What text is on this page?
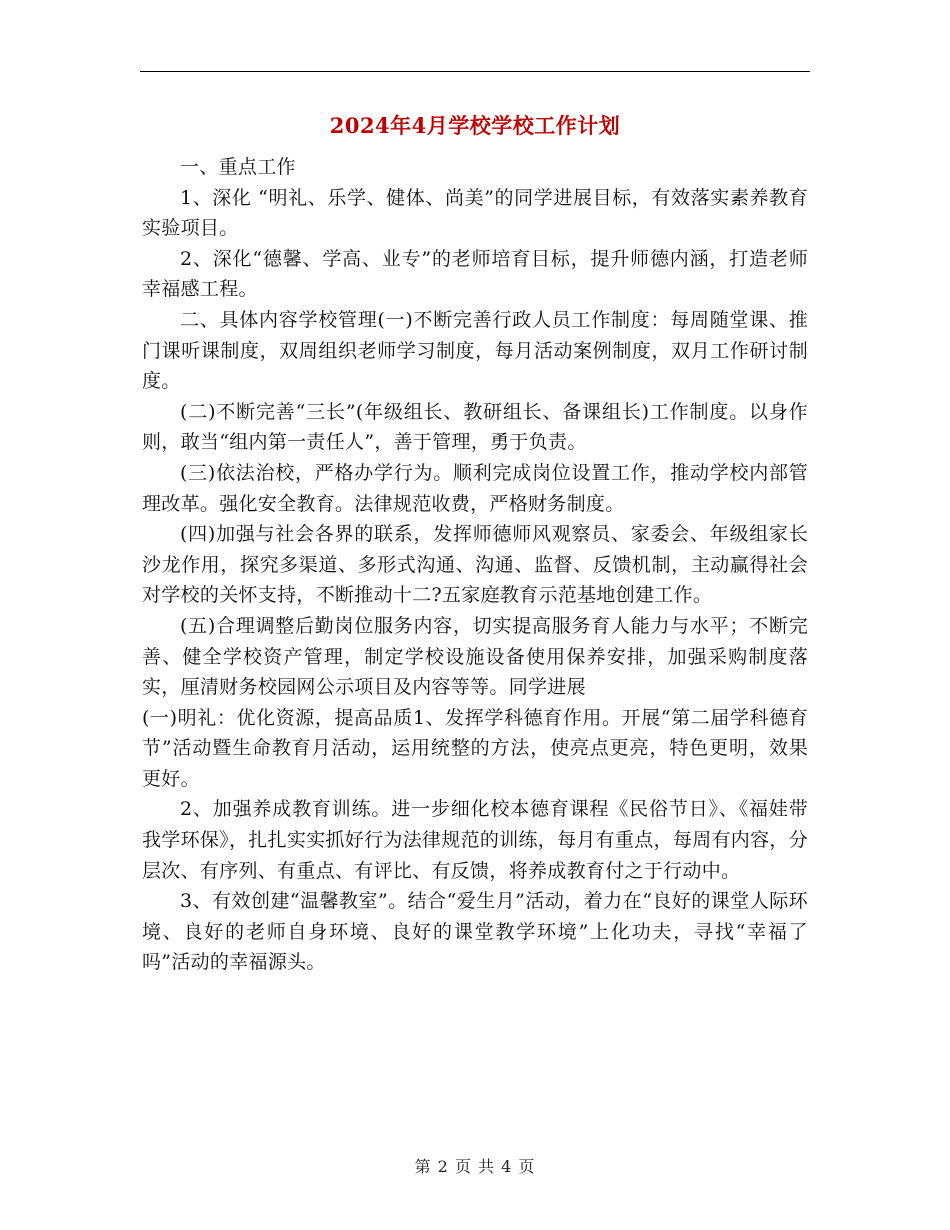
2024年4月学校学校工作计划

一、重点工作

1、深化 “明礼、乐学、健体、尚美”的同学进展目标，有效落实素养教育实验项目。

2、深化“德馨、学高、业专”的老师培育目标，提升师德内涵，打造老师幸福感工程。

二、具体内容学校管理(一)不断完善行政人员工作制度：每周随堂课、推门课听课制度，双周组织老师学习制度，每月活动案例制度，双月工作研讨制度。

(二)不断完善“三长”(年级组长、教研组长、备课组长)工作制度。以身作则，敢当“组内第一责任人”，善于管理，勇于负责。

(三)依法治校，严格办学行为。顺利完成岗位设置工作，推动学校内部管理改革。强化安全教育。法律规范收费，严格财务制度。

(四)加强与社会各界的联系，发挥师德师风观察员、家委会、年级组家长沙龙作用，探究多渠道、多形式沟通、沟通、监督、反馈机制，主动赢得社会对学校的关怀支持，不断推动十二?五家庭教育示范基地创建工作。

(五)合理调整后勤岗位服务内容，切实提高服务育人能力与水平；不断完善、健全学校资产管理，制定学校设施设备使用保养安排，加强采购制度落实，厘清财务校园网公示项目及内容等等。同学进展

(一)明礼：优化资源，提高品质1、发挥学科德育作用。开展“第二届学科德育节”活动暨生命教育月活动，运用统整的方法，使亮点更亮，特色更明，效果更好。

2、加强养成教育训练。进一步细化校本德育课程《民俗节日》、《福娃带我学环保》，扎扎实实抓好行为法律规范的训练，每月有重点，每周有内容，分层次、有序列、有重点、有评比、有反馈，将养成教育付之于行动中。

3、有效创建“温馨教室”。结合“爱生月”活动，着力在“良好的课堂人际环境、良好的老师自身环境、良好的课堂教学环境”上化功夫，寻找“幸福了吗”活动的幸福源头。

第 2 页 共 4 页
